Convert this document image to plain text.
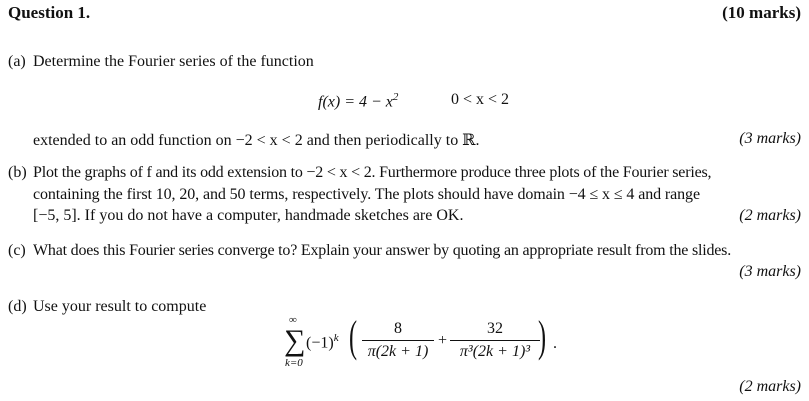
Question 1.	(10 marks)
(a) Determine the Fourier series of the function
$f(x) = 4 - x^2$	0 < x < 2
extended to an odd function on −2 < x < 2 and then periodically to ℝ.	(3 marks)
(b) Plot the graphs of f and its odd extension to −2 < x < 2. Furthermore produce three plots of the Fourier series,
containing the first 10, 20, and 50 terms, respectively. The plots should have domain −4 ≤ x ≤ 4 and range
[−5, 5]. If you do not have a computer, handmade sketches are OK.	(2 marks)
(c) What does this Fourier series converge to? Explain your answer by quoting an appropriate result from the slides.
(3 marks)
(d) Use your result to compute
∞
∑
k=0
$(-1)^k$ (	8
π(2k + 1)
+
32
π³(2k + 1)³ ) .
(2 marks)
